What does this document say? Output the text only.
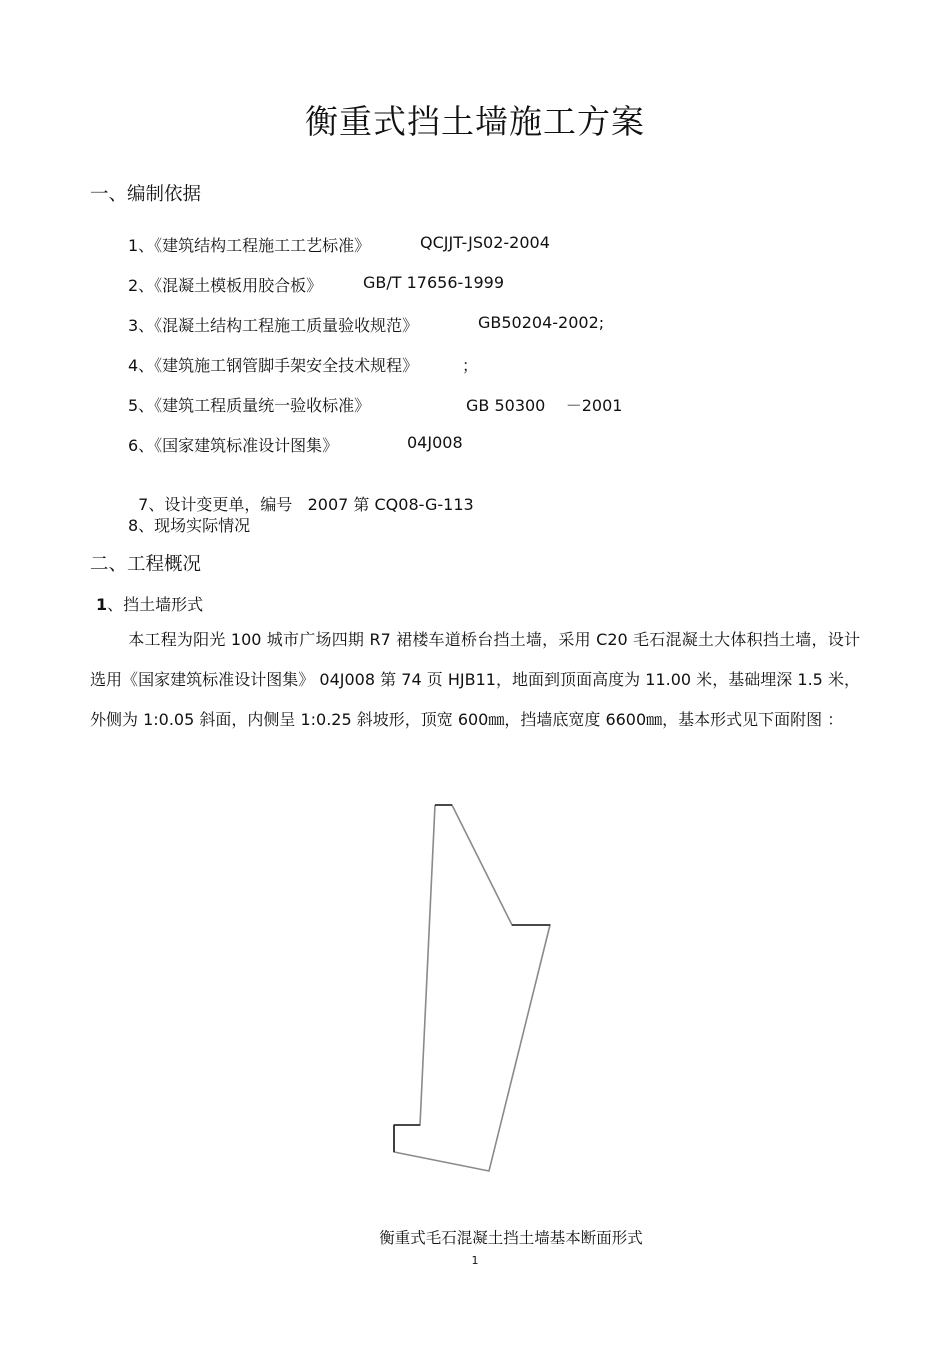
衡重式挡土墙施工方案
一、编制依据
1、《建筑结构工程施工工艺标准》	QCJJT-JS02-2004
2、《混凝土模板用胶合板》	GB/T 17656-1999
3、《混凝土结构工程施工质量验收规范》	GB50204-2002;
4、《建筑施工钢管脚手架安全技术规程》	；
5、《建筑工程质量统一验收标准》	GB 50300    －2001
6、《国家建筑标准设计图集》	04J008

7、设计变更单，编号   2007 第 CQ08-G-113

8、现场实际情况
二、工程概况
1、挡土墙形式
本工程为阳光 100 城市广场四期 R7 裙楼车道桥台挡土墙，采用 C20 毛石混凝土大体积挡土墙，设计选用《国家建筑标准设计图集》 04J008 第 74 页 HJB11，地面到顶面高度为 11.00 米，基础埋深 1.5 米，外侧为 1:0.05 斜面，内侧呈 1:0.25 斜坡形，顶宽 600㎜，挡墙底宽度 6600㎜，基本形式见下面附图 ：
衡重式毛石混凝土挡土墙基本断面形式
1
